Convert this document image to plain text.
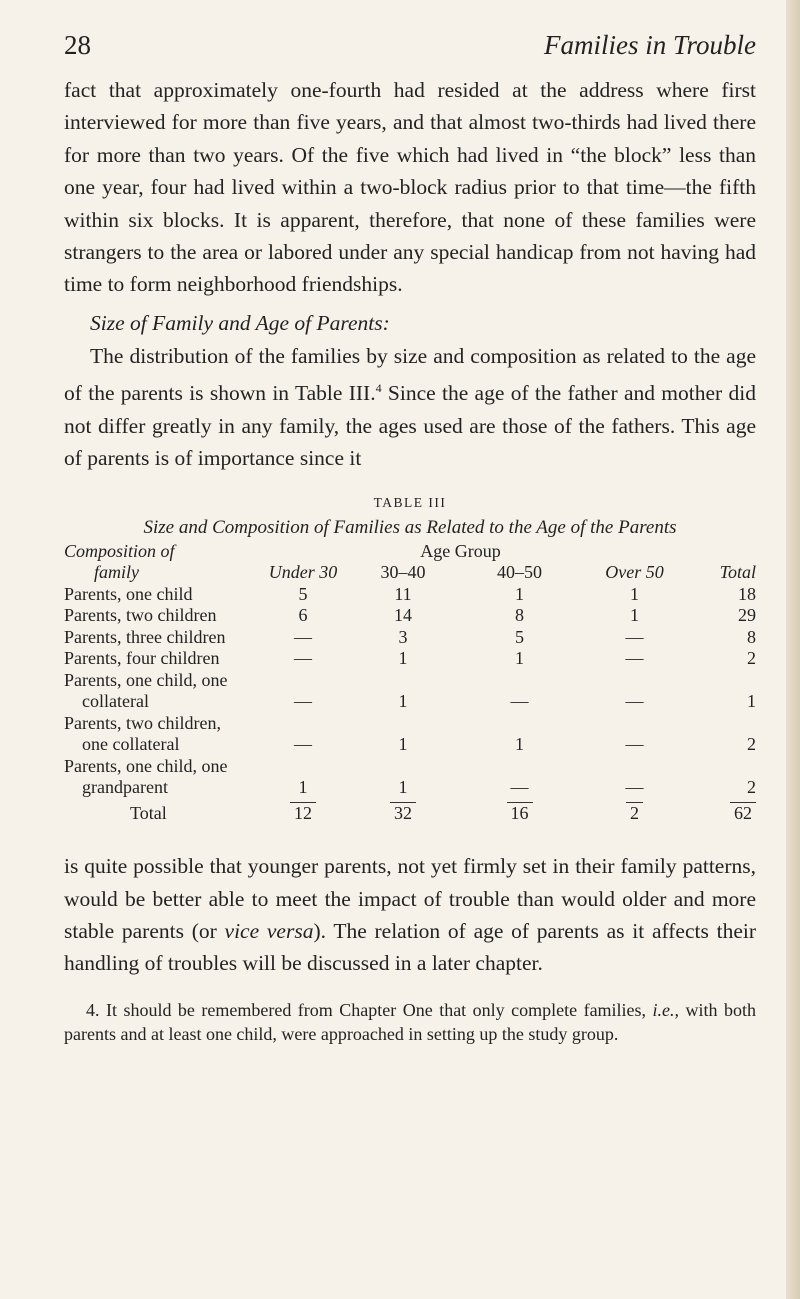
28	Families in Trouble

fact that approximately one-fourth had resided at the address where first interviewed for more than five years, and that almost two-thirds had lived there for more than two years. Of the five which had lived in “the block” less than one year, four had lived within a two-block radius prior to that time—the fifth within six blocks. It is apparent, therefore, that none of these families were strangers to the area or labored under any special handicap from not having had time to form neighborhood friendships.

Size of Family and Age of Parents:

The distribution of the families by size and composition as related to the age of the parents is shown in Table III.$^4$ Since the age of the father and mother did not differ greatly in any family, the ages used are those of the fathers. This age of parents is of importance since it

TABLE III
Size and Composition of Families as Related to the Age of the Parents
Composition of		Age Group			
family	Under 30	30–40	40–50	Over 50	Total
Parents, one child	5	11	1	1	18
Parents, two children	6	14	8	1	29
Parents, three children	—	3	5	—	8
Parents, four children	—	1	1	—	2
Parents, one child, one
collateral	—	1	—	—	1
Parents, two children,
one collateral	—	1	1	—	2
Parents, one child, one
grandparent	1	1	—	—	2
Total	12	32	16	2	62

is quite possible that younger parents, not yet firmly set in their family patterns, would be better able to meet the impact of trouble than would older and more stable parents (or vice versa). The relation of age of parents as it affects their handling of troubles will be discussed in a later chapter.

4. It should be remembered from Chapter One that only complete families, i.e., with both parents and at least one child, were approached in setting up the study group.
